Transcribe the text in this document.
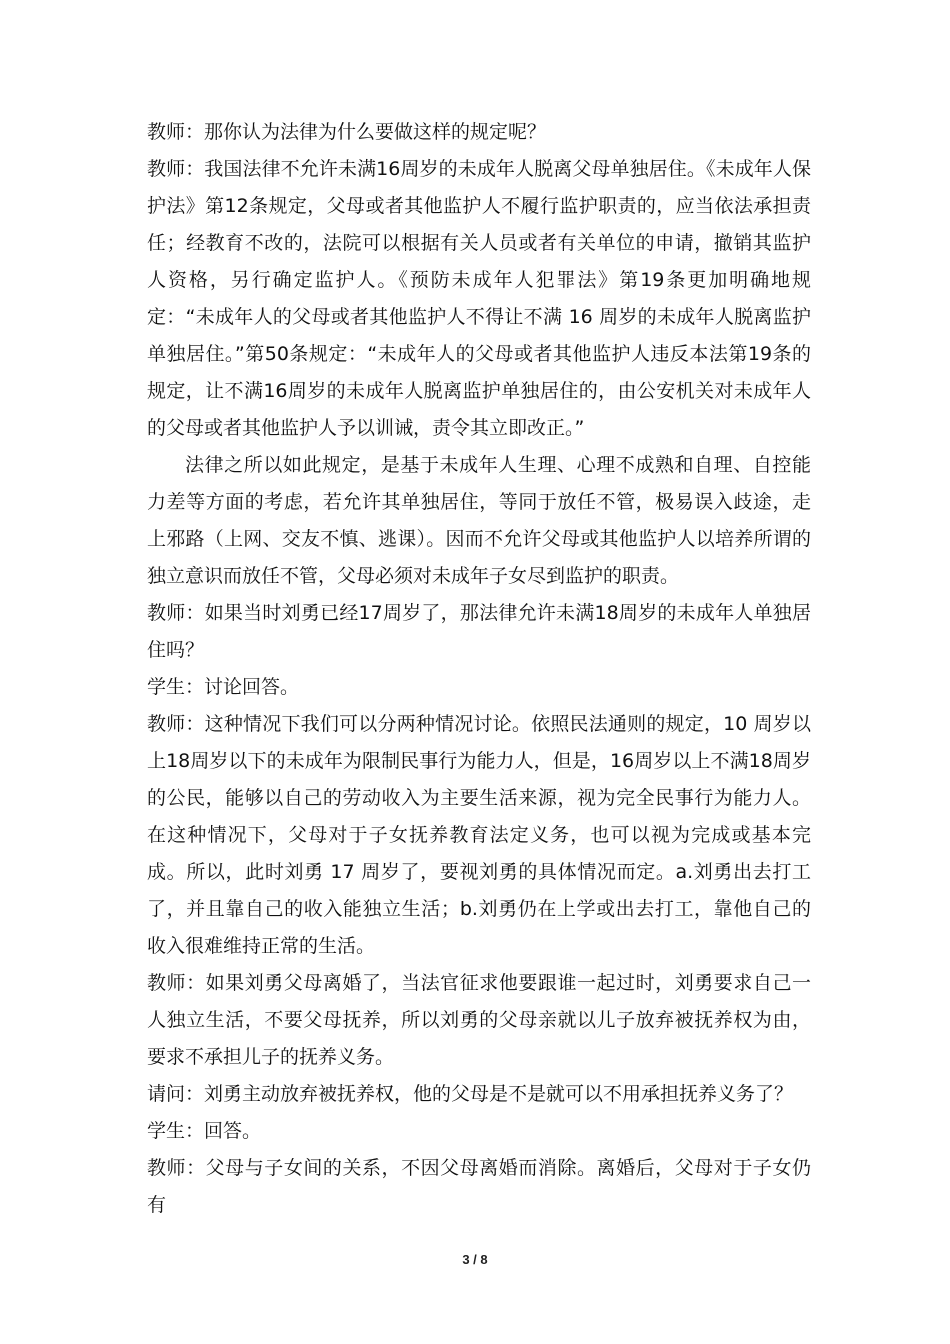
教师：那你认为法律为什么要做这样的规定呢？

教师：我国法律不允许未满16周岁的未成年人脱离父母单独居住。《未成年人保护法》第12条规定，父母或者其他监护人不履行监护职责的，应当依法承担责任；经教育不改的，法院可以根据有关人员或者有关单位的申请，撤销其监护人资格，另行确定监护人。《预防未成年人犯罪法》第19条更加明确地规定：“未成年人的父母或者其他监护人不得让不满 16 周岁的未成年人脱离监护单独居住。”第50条规定：“未成年人的父母或者其他监护人违反本法第19条的规定，让不满16周岁的未成年人脱离监护单独居住的，由公安机关对未成年人的父母或者其他监护人予以训诫，责令其立即改正。”

法律之所以如此规定，是基于未成年人生理、心理不成熟和自理、自控能力差等方面的考虑，若允许其单独居住，等同于放任不管，极易误入歧途，走上邪路（上网、交友不慎、逃课）。因而不允许父母或其他监护人以培养所谓的独立意识而放任不管，父母必须对未成年子女尽到监护的职责。

教师：如果当时刘勇已经17周岁了，那法律允许未满18周岁的未成年人单独居住吗？

学生：讨论回答。

教师：这种情况下我们可以分两种情况讨论。依照民法通则的规定，10 周岁以上18周岁以下的未成年为限制民事行为能力人，但是，16周岁以上不满18周岁的公民，能够以自己的劳动收入为主要生活来源，视为完全民事行为能力人。在这种情况下，父母对于子女抚养教育法定义务，也可以视为完成或基本完成。所以，此时刘勇 17 周岁了，要视刘勇的具体情况而定。a.刘勇出去打工了，并且靠自己的收入能独立生活；b.刘勇仍在上学或出去打工，靠他自己的收入很难维持正常的生活。

教师：如果刘勇父母离婚了，当法官征求他要跟谁一起过时，刘勇要求自己一人独立生活，不要父母抚养，所以刘勇的父母亲就以儿子放弃被抚养权为由，要求不承担儿子的抚养义务。

请问：刘勇主动放弃被抚养权，他的父母是不是就可以不用承担抚养义务了？

学生：回答。

教师：父母与子女间的关系，不因父母离婚而消除。离婚后，父母对于子女仍有

3 / 8
